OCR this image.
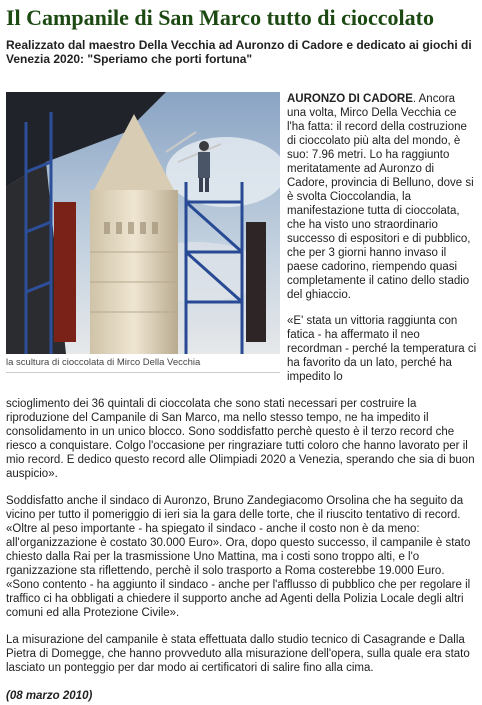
Il Campanile di San Marco tutto di cioccolato
Realizzato dal maestro Della Vecchia ad Auronzo di Cadore e dedicato ai giochi di Venezia 2020: "Speriamo che porti fortuna"
la scultura di cioccolata di Mirco Della Vecchia

AURONZO DI CADORE. Ancora una volta, Mirco Della Vecchia ce l'ha fatta: il record della costruzione di cioccolato più alta del mondo, è suo: 7.96 metri. Lo ha raggiunto meritatamente ad Auronzo di Cadore, provincia di Belluno, dove si è svolta Cioccolandia, la manifestazione tutta di cioccolata, che ha visto uno straordinario successo di espositori e di pubblico, che per 3 giorni hanno invaso il paese cadorino, riempendo quasi completamente il catino dello stadio del ghiaccio.

«E' stata un vittoria raggiunta con fatica - ha affermato il neo recordman - perché la temperatura ci ha favorito da un lato, perché ha impedito lo

scioglimento dei 36 quintali di cioccolata che sono stati necessari per costruire la riproduzione del Campanile di San Marco, ma nello stesso tempo, ne ha impedito il consolidamento in un unico blocco. Sono soddisfatto perchè questo è il terzo record che riesco a conquistare. Colgo l'occasione per ringraziare tutti coloro che hanno lavorato per il mio record. E dedico questo record alle Olimpiadi 2020 a Venezia, sperando che sia di buon auspicio».

Soddisfatto anche il sindaco di Auronzo, Bruno Zandegiacomo Orsolina che ha seguito da vicino per tutto il pomeriggio di ieri sia la gara delle torte, che il riuscito tentativo di record. «Oltre al peso importante - ha spiegato il sindaco - anche il costo non è da meno: all'organizzazione è costato 30.000 Euro». Ora, dopo questo successo, il campanile è stato chiesto dalla Rai per la trasmissione Uno Mattina, ma i costi sono troppo alti, e l'o rganizzazione sta riflettendo, perchè il solo trasporto a Roma costerebbe 19.000 Euro. «Sono contento - ha aggiunto il sindaco - anche per l'afflusso di pubblico che per regolare il traffico ci ha obbligati a chiedere il supporto anche ad Agenti della Polizia Locale degli altri comuni ed alla Protezione Civile».

La misurazione del campanile è stata effettuata dallo studio tecnico di Casagrande e Dalla Pietra di Domegge, che hanno provveduto alla misurazione dell'opera, sulla quale era stato lasciato un ponteggio per dar modo ai certificatori di salire fino alla cima.

(08 marzo 2010)
